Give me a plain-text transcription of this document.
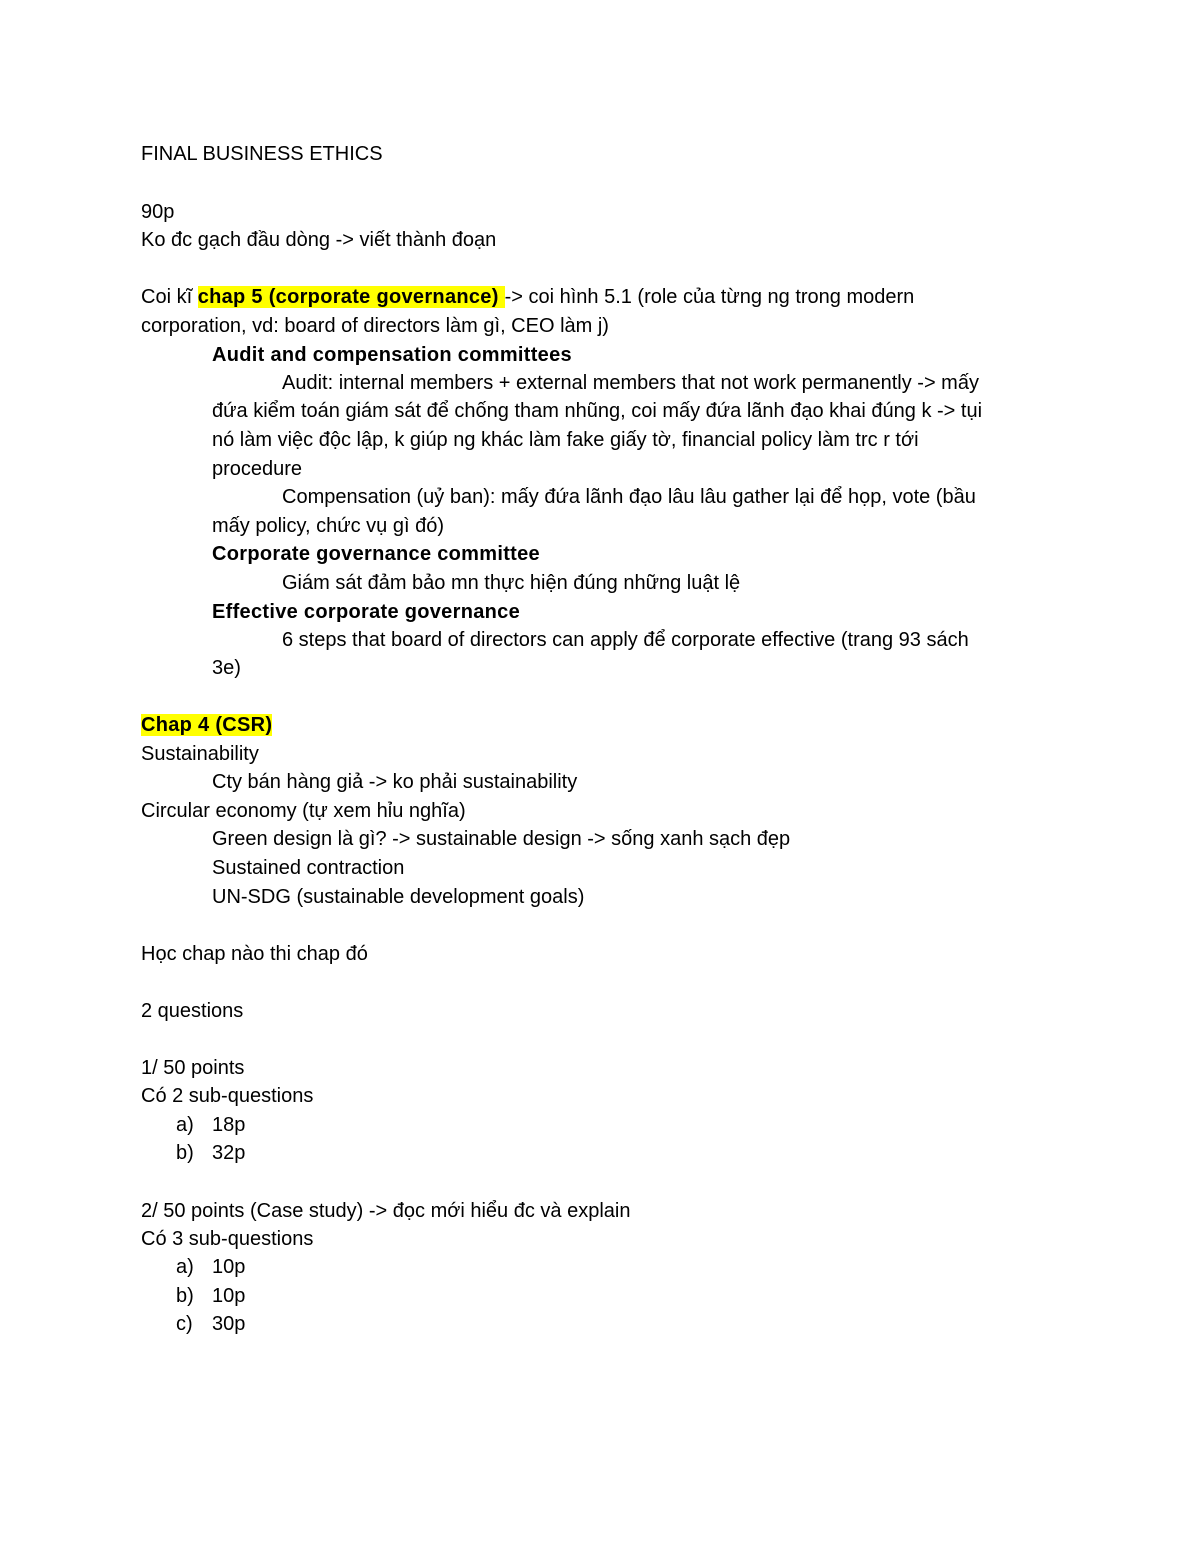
FINAL BUSINESS ETHICS
90p
Ko đc gạch đầu dòng -> viết thành đoạn
Coi kĩ chap 5 (corporate governance) -> coi hình 5.1 (role của từng ng trong modern
corporation, vd: board of directors làm gì, CEO làm j)
Audit and compensation committees
Audit: internal members + external members that not work permanently -> mấy
đứa kiểm toán giám sát để chống tham nhũng, coi mấy đứa lãnh đạo khai đúng k -> tụi
nó làm việc độc lập, k giúp ng khác làm fake giấy tờ, financial policy làm trc r tới
procedure
Compensation (uỷ ban): mấy đứa lãnh đạo lâu lâu gather lại để họp, vote (bầu
mấy policy, chức vụ gì đó)
Corporate governance committee
Giám sát đảm bảo mn thực hiện đúng những luật lệ
Effective corporate governance
6 steps that board of directors can apply để corporate effective (trang 93 sách
3e)
Chap 4 (CSR)
Sustainability
Cty bán hàng giả -> ko phải sustainability
Circular economy (tự xem hỉu nghĩa)
Green design là gì? -> sustainable design -> sống xanh sạch đẹp
Sustained contraction
UN-SDG (sustainable development goals)
Học chap nào thi chap đó
2 questions
1/ 50 points
Có 2 sub-questions
a) 18p
b) 32p
2/ 50 points (Case study) -> đọc mới hiểu đc và explain
Có 3 sub-questions
a) 10p
b) 10p
c) 30p
